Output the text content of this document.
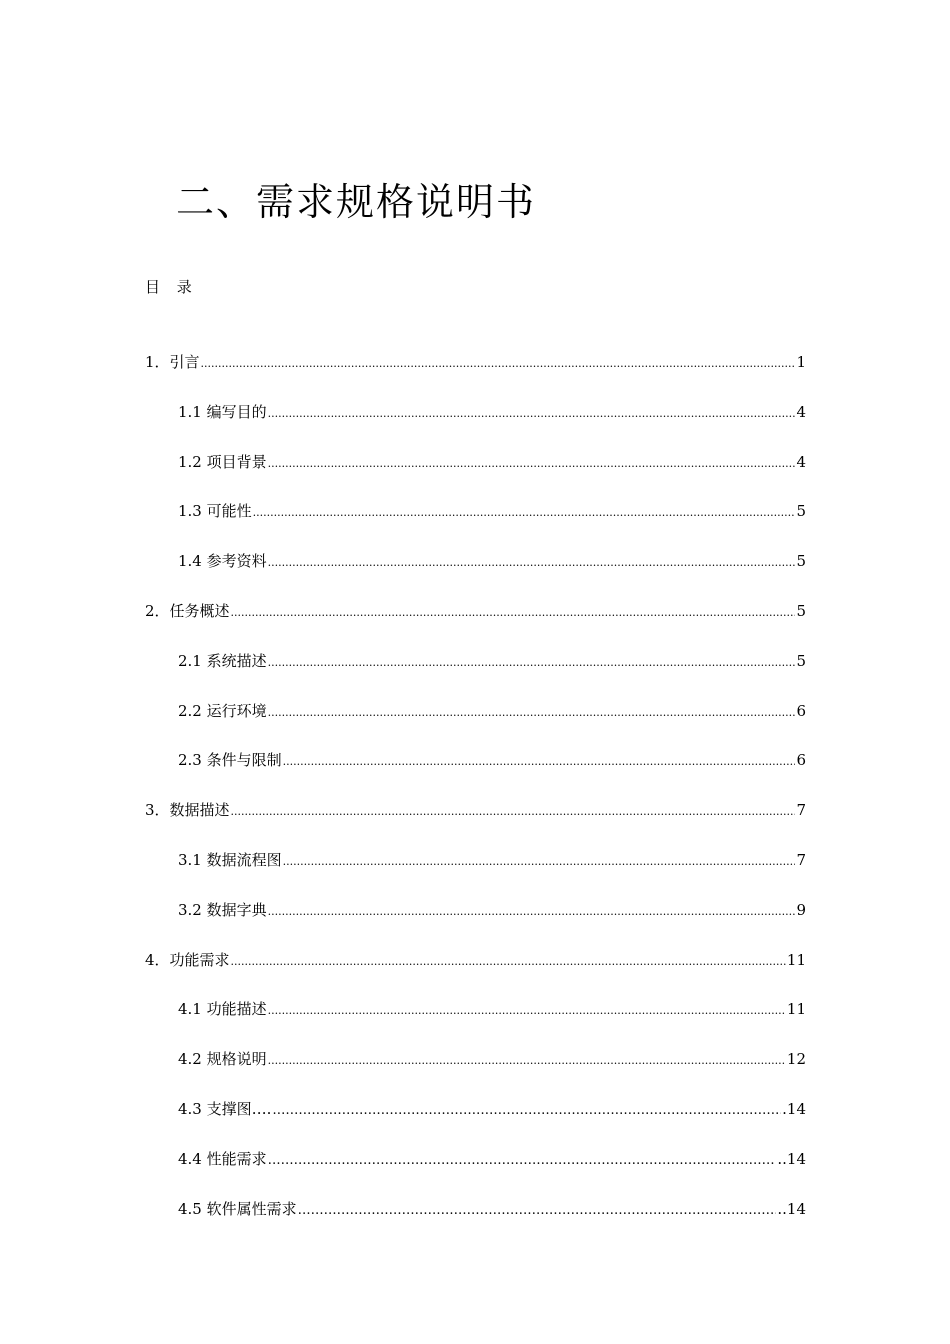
二、需求规格说明书
目 录
1．引言 .....	1
1.1 编写目的 .....	4
1.2 项目背景 .....	4
1.3 可能性 .....	5
1.4 参考资料 .....	5
2．任务概述 .....	5
2.1 系统描述 .....	5
2.2 运行环境 .....	6
2.3 条件与限制 .....	6
3．数据描述 .....	7
3.1 数据流程图 .....	7
3.2 数据字典 .....	9
4．功能需求 .....	11
4.1 功能描述 .....	11
4.2 规格说明 .....	12
4.3 支撑图…. …………………………………………………………………………………………………………………………………………………………	.14
4.4 性能需求 …………………………………………………………………………………………………………………………………………………………	..14
4.5 软件属性需求 …………………………………………………………………………………………………………………………………………………………	..14
